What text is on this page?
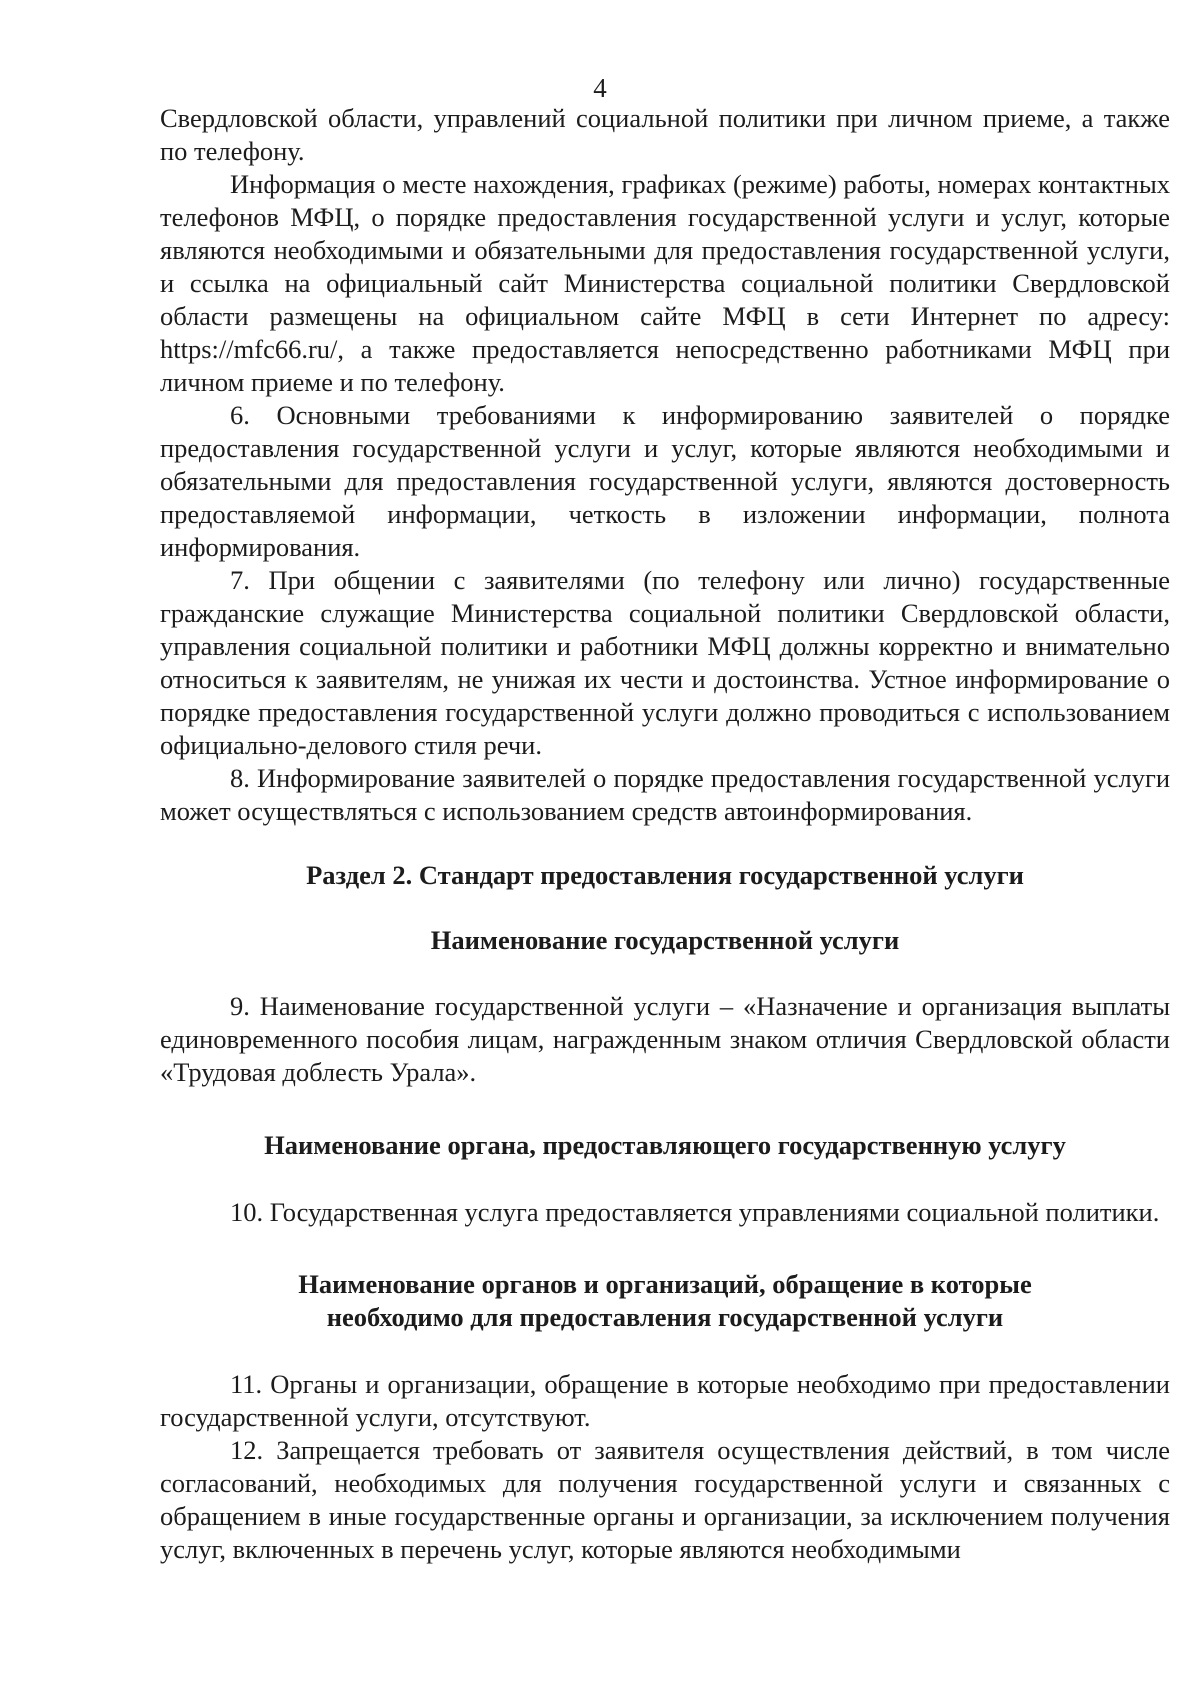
4

Свердловской области, управлений социальной политики при личном приеме, а также по телефону.

Информация о месте нахождения, графиках (режиме) работы, номерах контактных телефонов МФЦ, о порядке предоставления государственной услуги и услуг, которые являются необходимыми и обязательными для предоставления государственной услуги, и ссылка на официальный сайт Министерства социальной политики Свердловской области размещены на официальном сайте МФЦ в сети Интернет по адресу: https://mfc66.ru/, а также предоставляется непосредственно работниками МФЦ при личном приеме и по телефону.

6. Основными требованиями к информированию заявителей о порядке предоставления государственной услуги и услуг, которые являются необходимыми и обязательными для предоставления государственной услуги, являются достоверность предоставляемой информации, четкость в изложении информации, полнота информирования.

7. При общении с заявителями (по телефону или лично) государственные гражданские служащие Министерства социальной политики Свердловской области, управления социальной политики и работники МФЦ должны корректно и внимательно относиться к заявителям, не унижая их чести и достоинства. Устное информирование о порядке предоставления государственной услуги должно проводиться с использованием официально-делового стиля речи.

8. Информирование заявителей о порядке предоставления государственной услуги может осуществляться с использованием средств автоинформирования.

Раздел 2. Стандарт предоставления государственной услуги
Наименование государственной услуги

9. Наименование государственной услуги – «Назначение и организация выплаты единовременного пособия лицам, награжденным знаком отличия Свердловской области «Трудовая доблесть Урала».

Наименование органа, предоставляющего государственную услугу

10. Государственная услуга предоставляется управлениями социальной политики.

Наименование органов и организаций, обращение в которые
необходимо для предоставления государственной услуги

11. Органы и организации, обращение в которые необходимо при предоставлении государственной услуги, отсутствуют.

12. Запрещается требовать от заявителя осуществления действий, в том числе согласований, необходимых для получения государственной услуги и связанных с обращением в иные государственные органы и организации, за исключением получения услуг, включенных в перечень услуг, которые являются необходимыми
